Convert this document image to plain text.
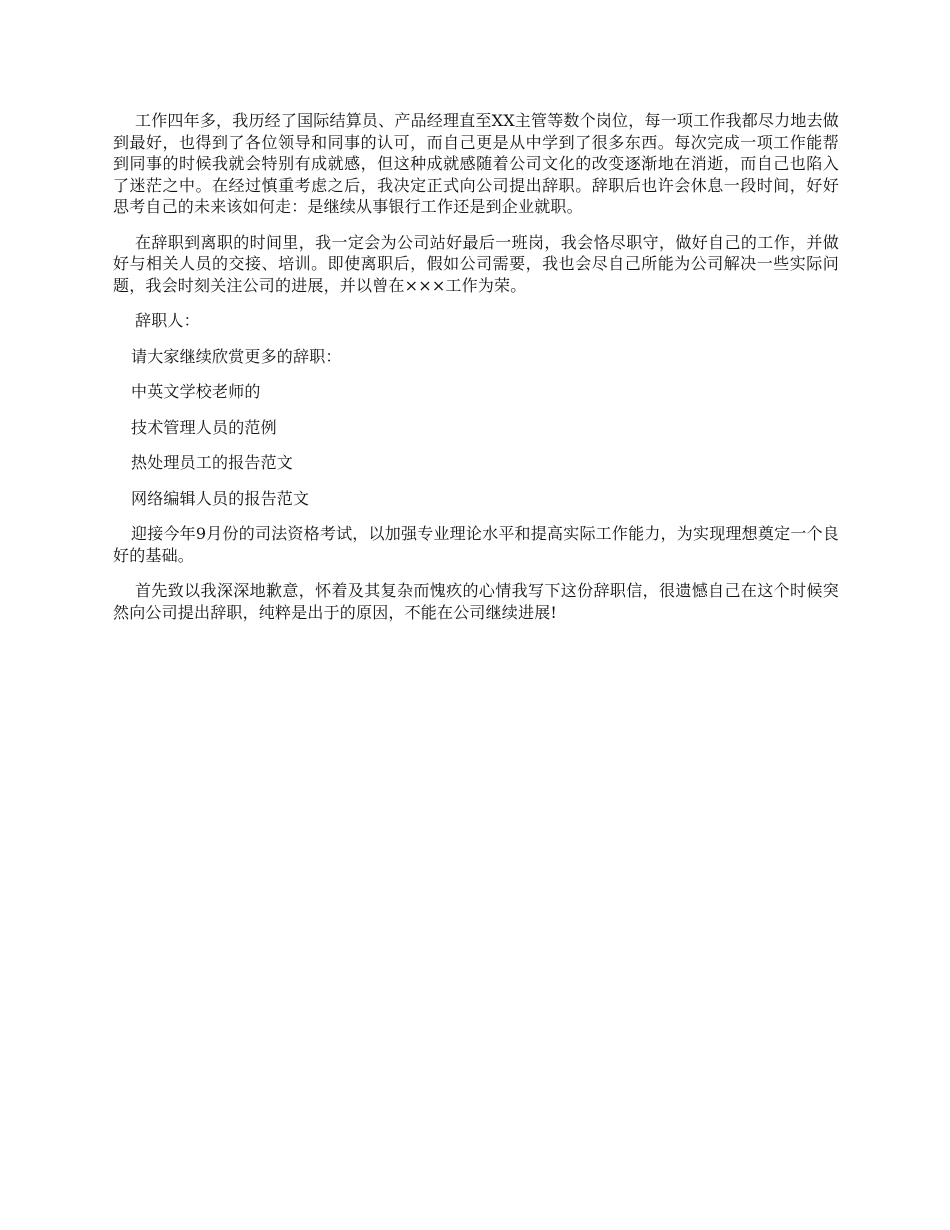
工作四年多，我历经了国际结算员、产品经理直至XX主管等数个岗位，每一项工作我都尽力地去做到最好，也得到了各位领导和同事的认可，而自己更是从中学到了很多东西。每次完成一项工作能帮到同事的时候我就会特别有成就感，但这种成就感随着公司文化的改变逐渐地在消逝，而自己也陷入了迷茫之中。在经过慎重考虑之后，我决定正式向公司提出辞职。辞职后也许会休息一段时间，好好思考自己的未来该如何走：是继续从事银行工作还是到企业就职。

在辞职到离职的时间里，我一定会为公司站好最后一班岗，我会恪尽职守，做好自己的工作，并做好与相关人员的交接、培训。即使离职后，假如公司需要，我也会尽自己所能为公司解决一些实际问题，我会时刻关注公司的进展，并以曾在×××工作为荣。

辞职人：

请大家继续欣赏更多的辞职：

中英文学校老师的

技术管理人员的范例

热处理员工的报告范文

网络编辑人员的报告范文

迎接今年9月份的司法资格考试，以加强专业理论水平和提高实际工作能力，为实现理想奠定一个良好的基础。

首先致以我深深地歉意，怀着及其复杂而愧疚的心情我写下这份辞职信，很遗憾自己在这个时候突然向公司提出辞职，纯粹是出于的原因，不能在公司继续进展!
